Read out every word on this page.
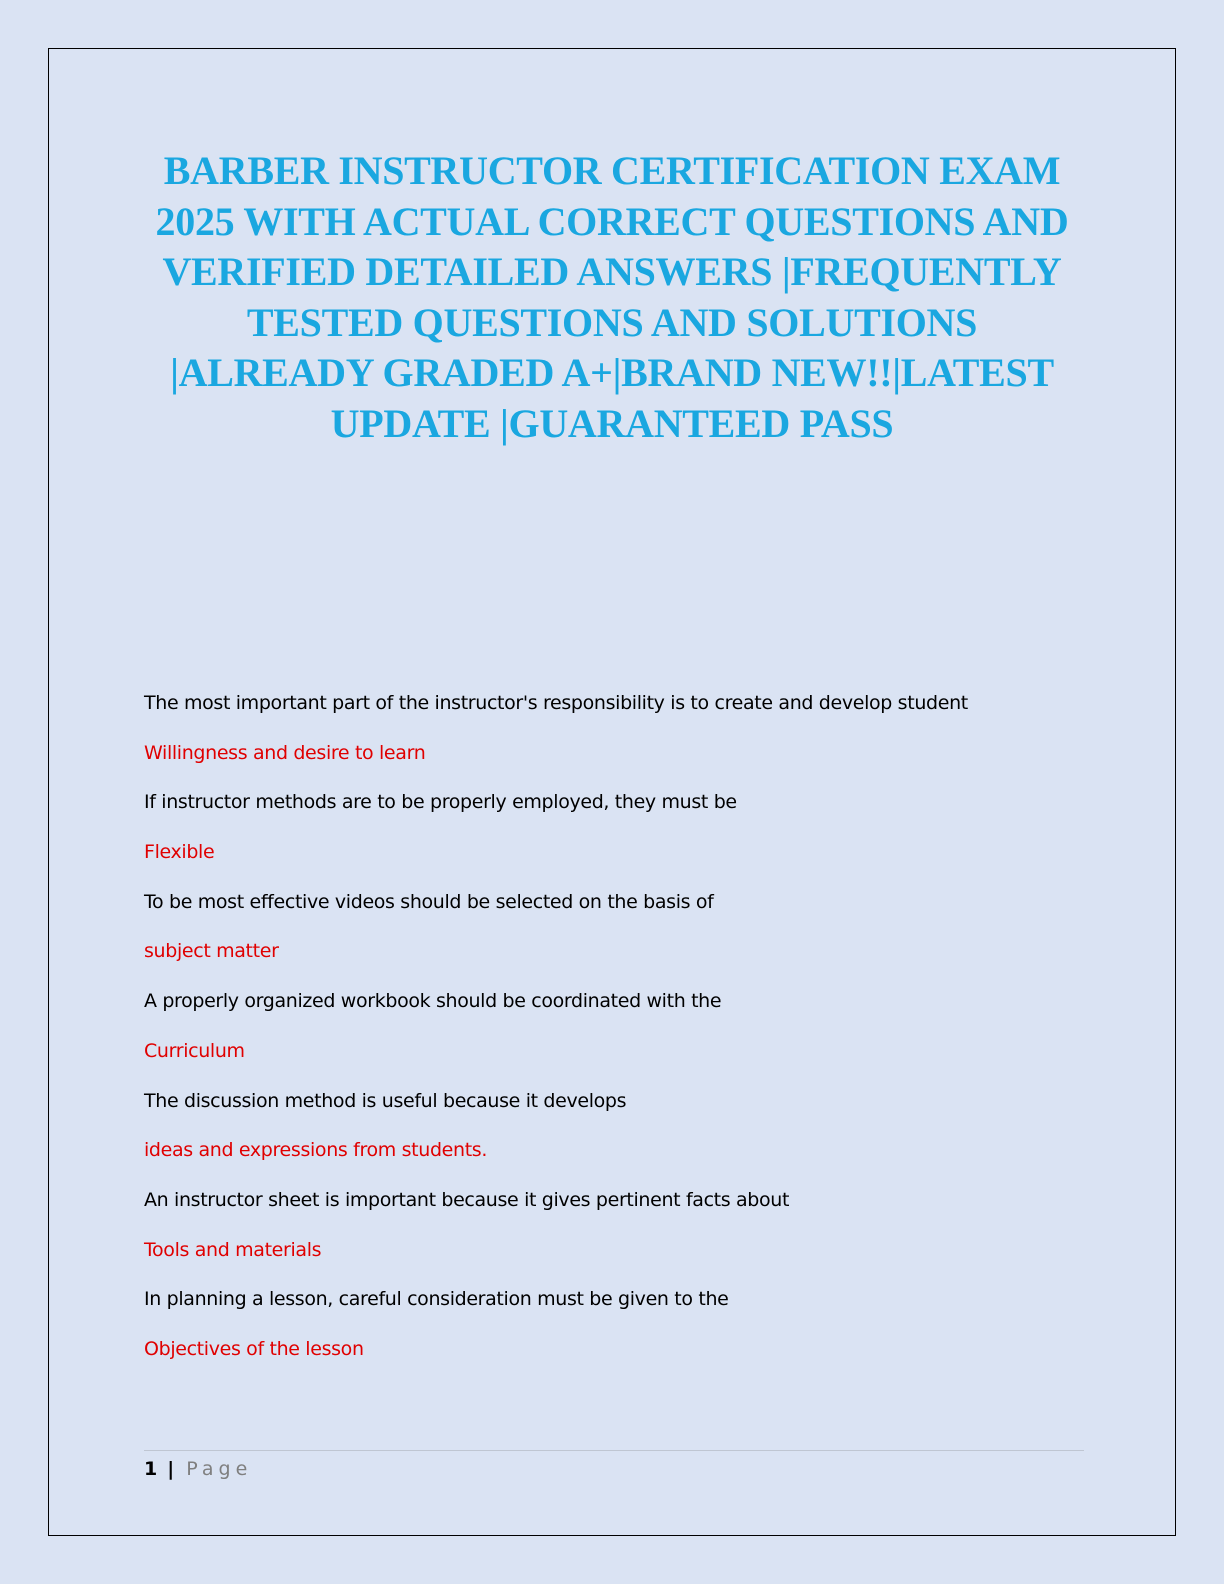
BARBER INSTRUCTOR CERTIFICATION EXAM 2025 WITH ACTUAL CORRECT QUESTIONS AND VERIFIED DETAILED ANSWERS |FREQUENTLY TESTED QUESTIONS AND SOLUTIONS |ALREADY GRADED A+|BRAND NEW!!|LATEST UPDATE |GUARANTEED PASS

The most important part of the instructor's responsibility is to create and develop student

Willingness and desire to learn

If instructor methods are to be properly employed, they must be

Flexible

To be most effective videos should be selected on the basis of

subject matter

A properly organized workbook should be coordinated with the

Curriculum

The discussion method is useful because it develops

ideas and expressions from students.

An instructor sheet is important because it gives pertinent facts about

Tools and materials

In planning a lesson, careful consideration must be given to the

Objectives of the lesson

1 | Page
